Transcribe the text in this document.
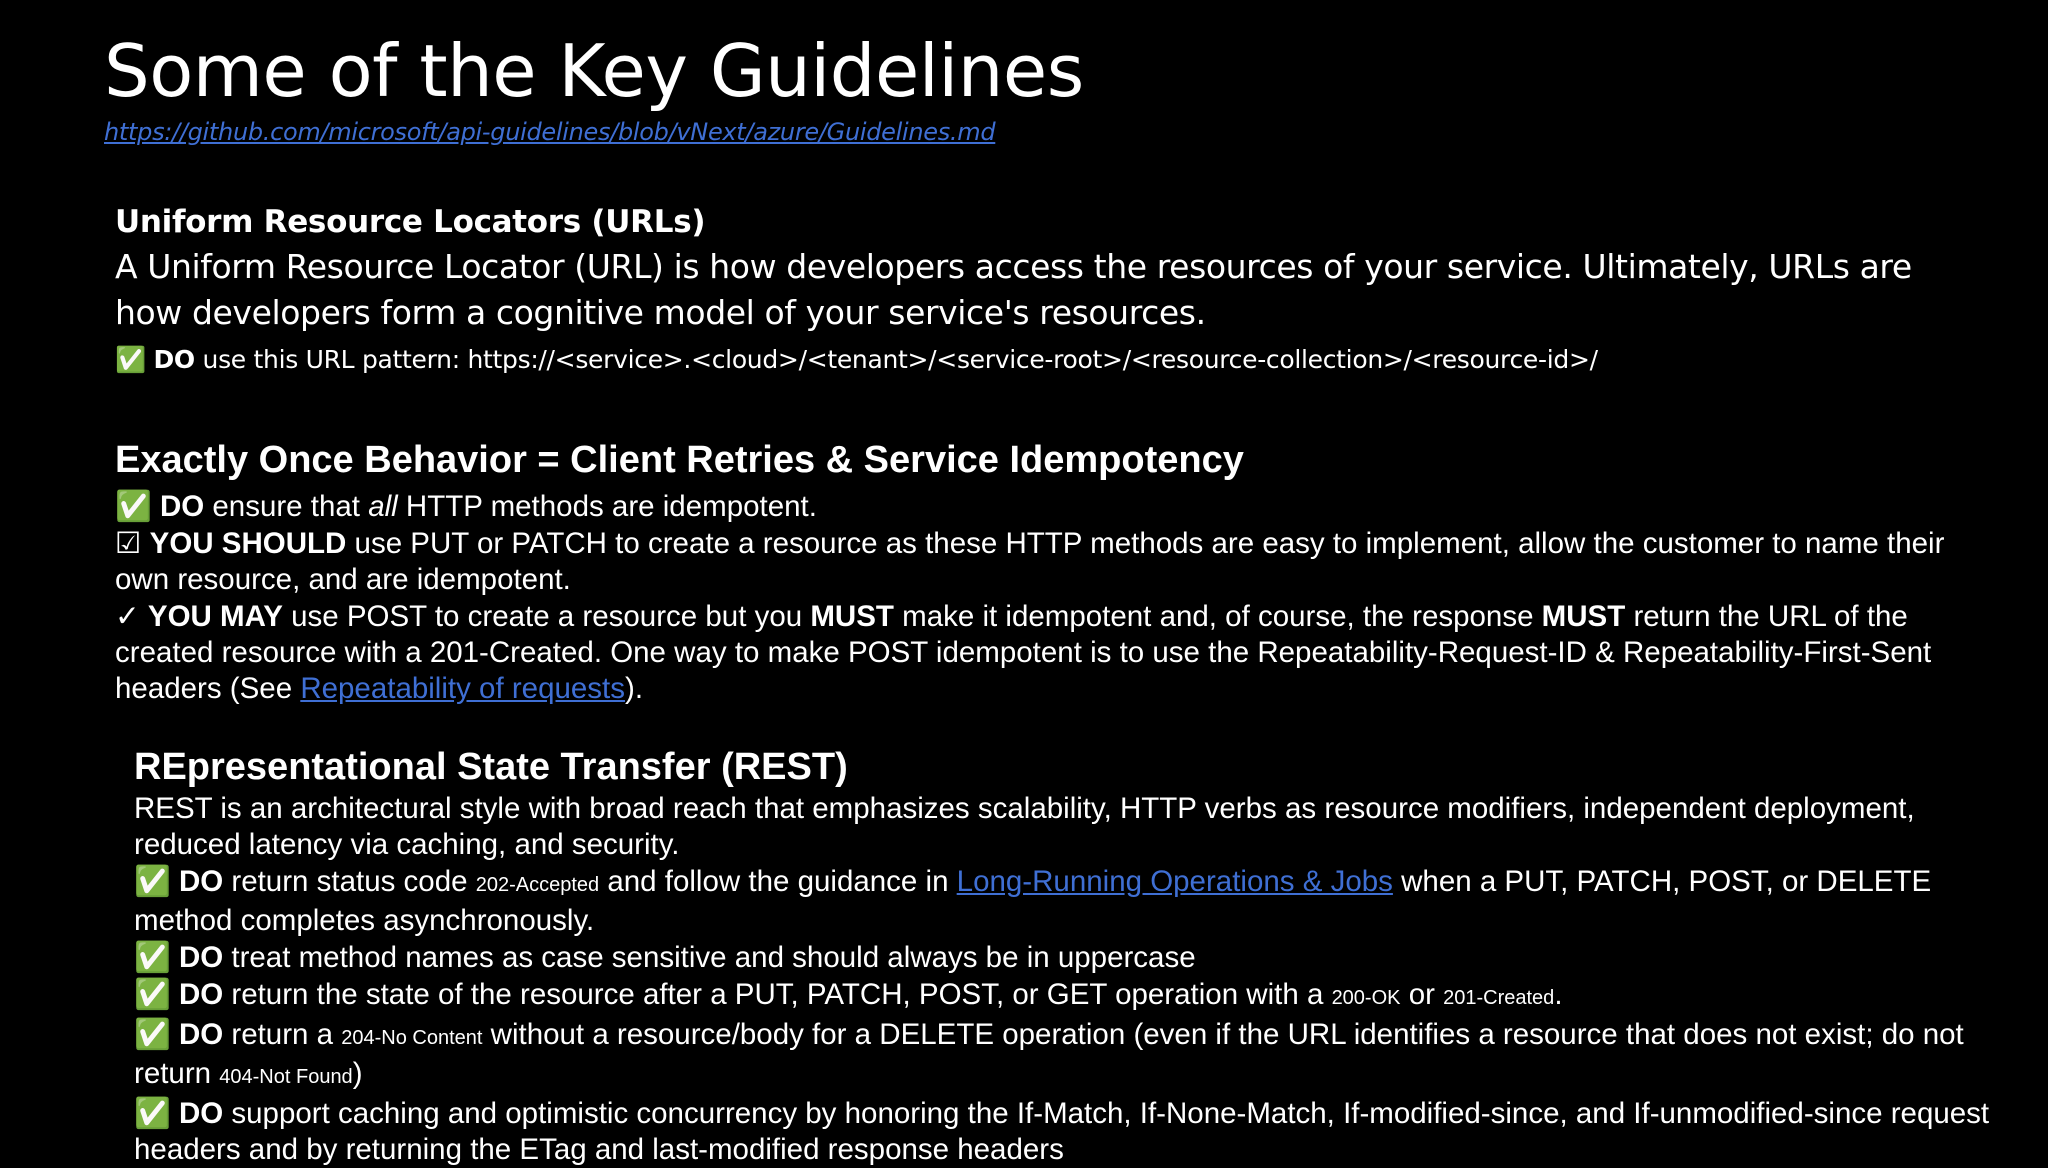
Some of the Key Guidelines
https://github.com/microsoft/api-guidelines/blob/vNext/azure/Guidelines.md
Uniform Resource Locators (URLs)
A Uniform Resource Locator (URL) is how developers access the resources of your service. Ultimately, URLs are how developers form a cognitive model of your service's resources.
✅ DO use this URL pattern: https://<service>.<cloud>/<tenant>/<service-root>/<resource-collection>/<resource-id>/
Exactly Once Behavior = Client Retries & Service Idempotency

✅ DO ensure that all HTTP methods are idempotent.

☑ YOU SHOULD use PUT or PATCH to create a resource as these HTTP methods are easy to implement, allow the customer to name their own resource, and are idempotent.

✓ YOU MAY use POST to create a resource but you MUST make it idempotent and, of course, the response MUST return the URL of the created resource with a 201-Created. One way to make POST idempotent is to use the Repeatability-Request-ID & Repeatability-First-Sent headers (See Repeatability of requests).

REpresentational State Transfer (REST)
REST is an architectural style with broad reach that emphasizes scalability, HTTP verbs as resource modifiers, independent deployment, reduced latency via caching, and security.

✅ DO return status code 202-Accepted and follow the guidance in Long-Running Operations & Jobs when a PUT, PATCH, POST, or DELETE method completes asynchronously.

✅ DO treat method names as case sensitive and should always be in uppercase

✅ DO return the state of the resource after a PUT, PATCH, POST, or GET operation with a 200-OK or 201-Created.

✅ DO return a 204-No Content without a resource/body for a DELETE operation (even if the URL identifies a resource that does not exist; do not return 404-Not Found)

✅ DO support caching and optimistic concurrency by honoring the If-Match, If-None-Match, If-modified-since, and If-unmodified-since request headers and by returning the ETag and last-modified response headers
